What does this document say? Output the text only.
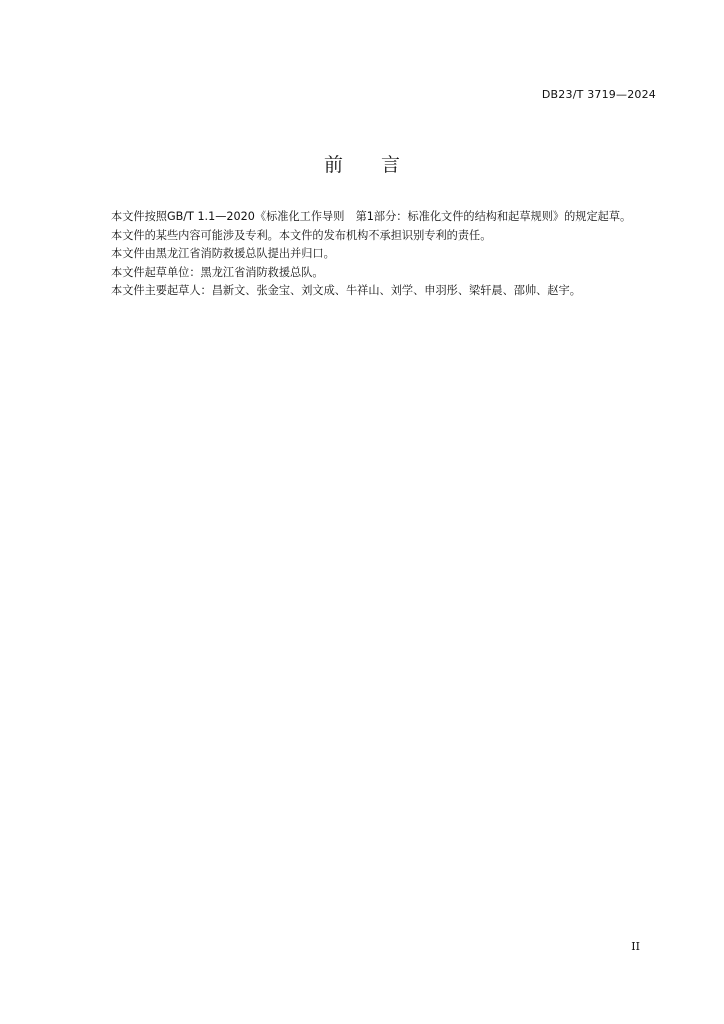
DB23/T 3719—2024
前 言

本文件按照GB/T 1.1—2020《标准化工作导则　第1部分：标准化文件的结构和起草规则》的规定起草。

本文件的某些内容可能涉及专利。本文件的发布机构不承担识别专利的责任。

本文件由黑龙江省消防救援总队提出并归口。

本文件起草单位：黑龙江省消防救援总队。

本文件主要起草人：昌新文、张金宝、刘文成、牛祥山、刘学、申羽彤、梁轩晨、邵帅、赵宇。

II
